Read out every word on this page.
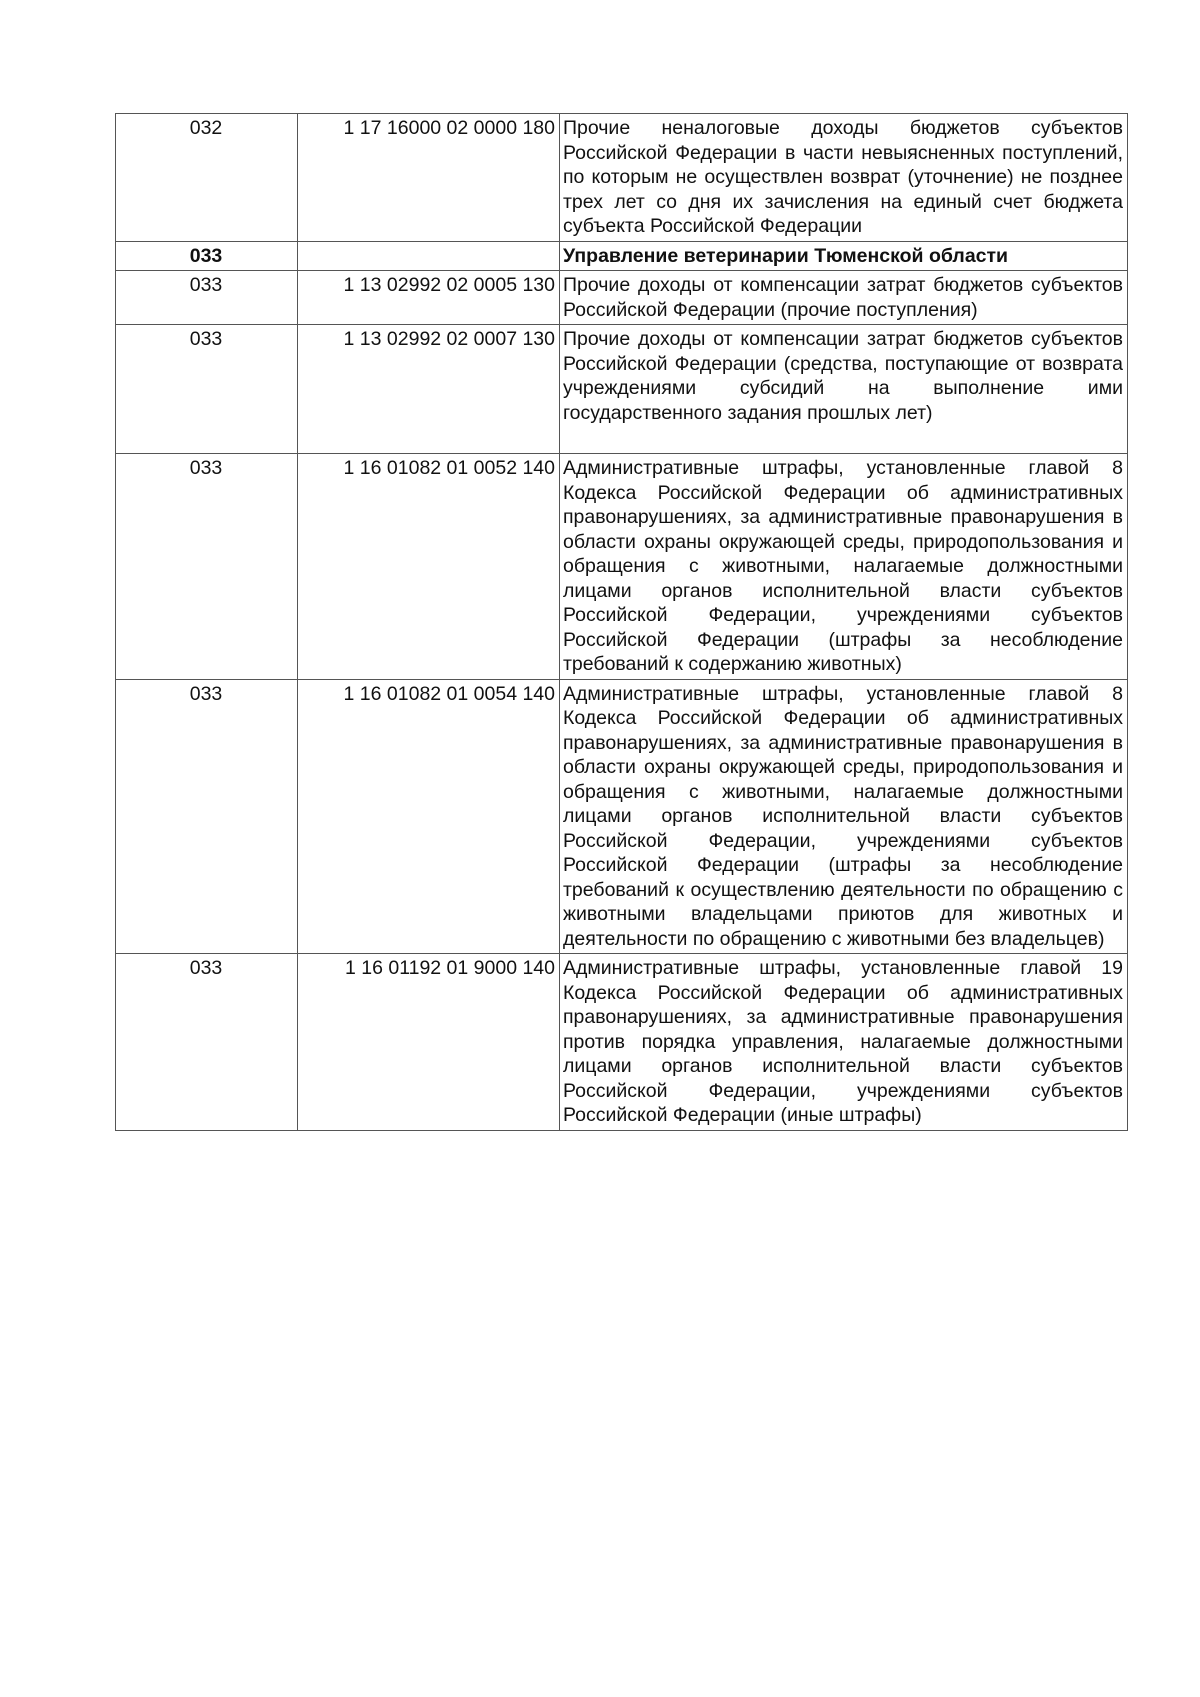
032	1 17 16000 02 0000 180	Прочие неналоговые доходы бюджетов субъектов Российской Федерации в части невыясненных поступлений, по которым не осуществлен возврат (уточнение) не позднее трех лет со дня их зачисления на единый счет бюджета субъекта Российской Федерации
033		Управление ветеринарии Тюменской области
033	1 13 02992 02 0005 130	Прочие доходы от компенсации затрат бюджетов субъектов Российской Федерации (прочие поступления)
033	1 13 02992 02 0007 130	Прочие доходы от компенсации затрат бюджетов субъектов Российской Федерации (средства, поступающие от возврата учреждениями субсидий на выполнение ими государственного задания прошлых лет)
033	1 16 01082 01 0052 140	Административные штрафы, установленные главой 8 Кодекса Российской Федерации об административных правонарушениях, за административные правонарушения в области охраны окружающей среды, природопользования и обращения с животными, налагаемые должностными лицами органов исполнительной власти субъектов Российской Федерации, учреждениями субъектов Российской Федерации (штрафы за несоблюдение требований к содержанию животных)
033	1 16 01082 01 0054 140	Административные штрафы, установленные главой 8 Кодекса Российской Федерации об административных правонарушениях, за административные правонарушения в области охраны окружающей среды, природопользования и обращения с животными, налагаемые должностными лицами органов исполнительной власти субъектов Российской Федерации, учреждениями субъектов Российской Федерации (штрафы за несоблюдение требований к осуществлению деятельности по обращению с животными владельцами приютов для животных и деятельности по обращению с животными без владельцев)
033	1 16 01192 01 9000 140	Административные штрафы, установленные главой 19 Кодекса Российской Федерации об административных правонарушениях, за административные правонарушения против порядка управления, налагаемые должностными лицами органов исполнительной власти субъектов Российской Федерации, учреждениями субъектов Российской Федерации (иные штрафы)
